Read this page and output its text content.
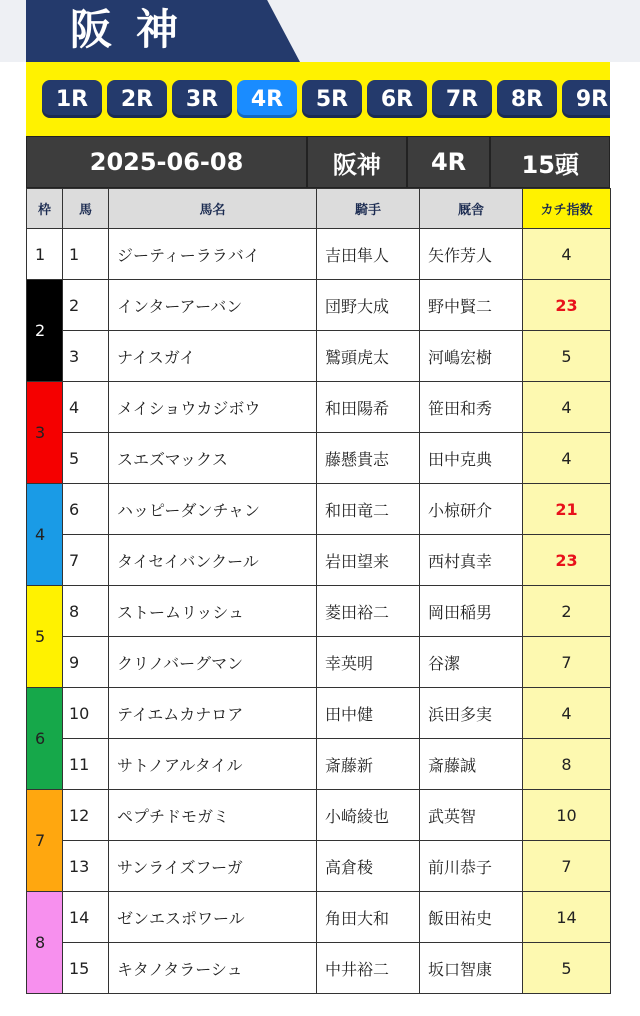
阪神
1R	2R	3R	4R	5R	6R	7R	8R	9R
2025-06-08	阪神	4R	15頭
枠	馬	馬名	騎手	厩舎	カチ指数
1	1	ジーティーララバイ	吉田隼人	矢作芳人	4
2	2	インターアーバン	団野大成	野中賢二	23
	3	ナイスガイ	鷲頭虎太	河嶋宏樹	5
3	4	メイショウカジボウ	和田陽希	笹田和秀	4
	5	スエズマックス	藤懸貴志	田中克典	4
4	6	ハッピーダンチャン	和田竜二	小椋研介	21
	7	タイセイバンクール	岩田望来	西村真幸	23
5	8	ストームリッシュ	菱田裕二	岡田稲男	2
	9	クリノバーグマン	幸英明	谷潔	7
6	10	テイエムカナロア	田中健	浜田多実	4
	11	サトノアルタイル	斎藤新	斎藤誠	8
7	12	ペプチドモガミ	小崎綾也	武英智	10
	13	サンライズフーガ	高倉稜	前川恭子	7
8	14	ゼンエスポワール	角田大和	飯田祐史	14
	15	キタノタラーシュ	中井裕二	坂口智康	5
